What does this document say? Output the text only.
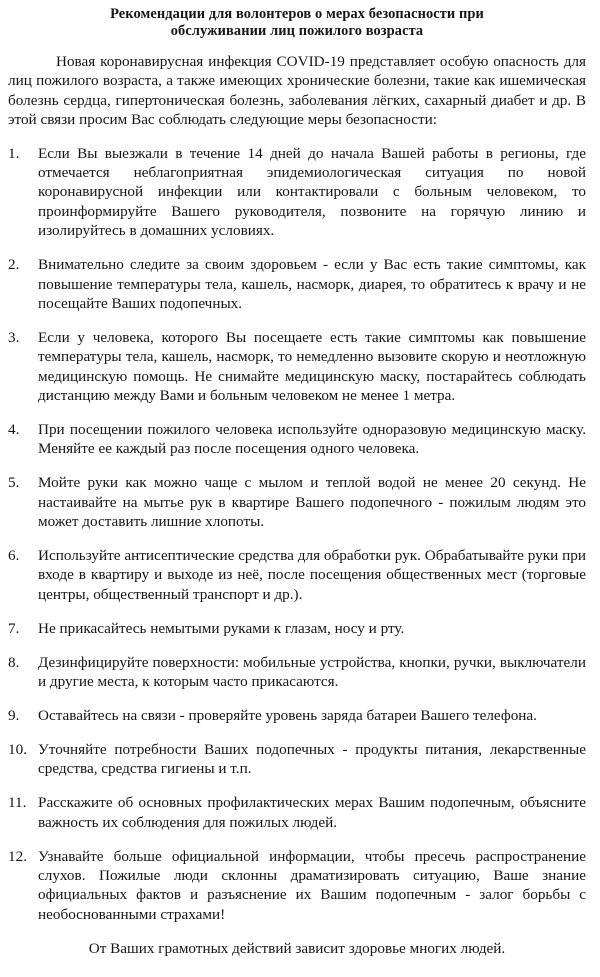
Рекомендации для волонтеров о мерах безопасности при
обслуживании лиц пожилого возраста

Новая коронавирусная инфекция COVID-19 представляет особую опасность для лиц пожилого возраста, а также имеющих хронические болезни, такие как ишемическая болезнь сердца, гипертоническая болезнь, заболевания лёгких, сахарный диабет и др. В этой связи просим Вас соблюдать следующие меры безопасности:

1.	Если Вы выезжали в течение 14 дней до начала Вашей работы в регионы, где отмечается неблагоприятная эпидемиологическая ситуация по новой коронавирусной инфекции или контактировали с больным человеком, то проинформируйте Вашего руководителя, позвоните на горячую линию и изолируйтесь в домашних условиях.
2.	Внимательно следите за своим здоровьем - если у Вас есть такие симптомы, как повышение температуры тела, кашель, насморк, диарея, то обратитесь к врачу и не посещайте Ваших подопечных.
3.	Если у человека, которого Вы посещаете есть такие симптомы как повышение температуры тела, кашель, насморк, то немедленно вызовите скорую и неотложную медицинскую помощь. Не снимайте медицинскую маску, постарайтесь соблюдать дистанцию между Вами и больным человеком не менее 1 метра.
4.	При посещении пожилого человека используйте одноразовую медицинскую маску. Меняйте ее каждый раз после посещения одного человека.
5.	Мойте руки как можно чаще с мылом и теплой водой не менее 20 секунд. Не настаивайте на мытье рук в квартире Вашего подопечного - пожилым людям это может доставить лишние хлопоты.
6.	Используйте антисептические средства для обработки рук. Обрабатывайте руки при входе в квартиру и выходе из неё, после посещения общественных мест (торговые центры, общественный транспорт и др.).
7.	Не прикасайтесь немытыми руками к глазам, носу и рту.
8.	Дезинфицируйте поверхности: мобильные устройства, кнопки, ручки, выключатели и другие места, к которым часто прикасаются.
9.	Оставайтесь на связи - проверяйте уровень заряда батареи Вашего телефона.
10. Уточняйте потребности Ваших подопечных - продукты питания, лекарственные средства, средства гигиены и т.п.
11. Расскажите об основных профилактических мерах Вашим подопечным, объясните важность их соблюдения для пожилых людей.
12. Узнавайте больше официальной информации, чтобы пресечь распространение слухов. Пожилые люди склонны драматизировать ситуацию, Ваше знание официальных фактов и разъяснение их Вашим подопечным - залог борьбы с необоснованными страхами!

От Ваших грамотных действий зависит здоровье многих людей.
